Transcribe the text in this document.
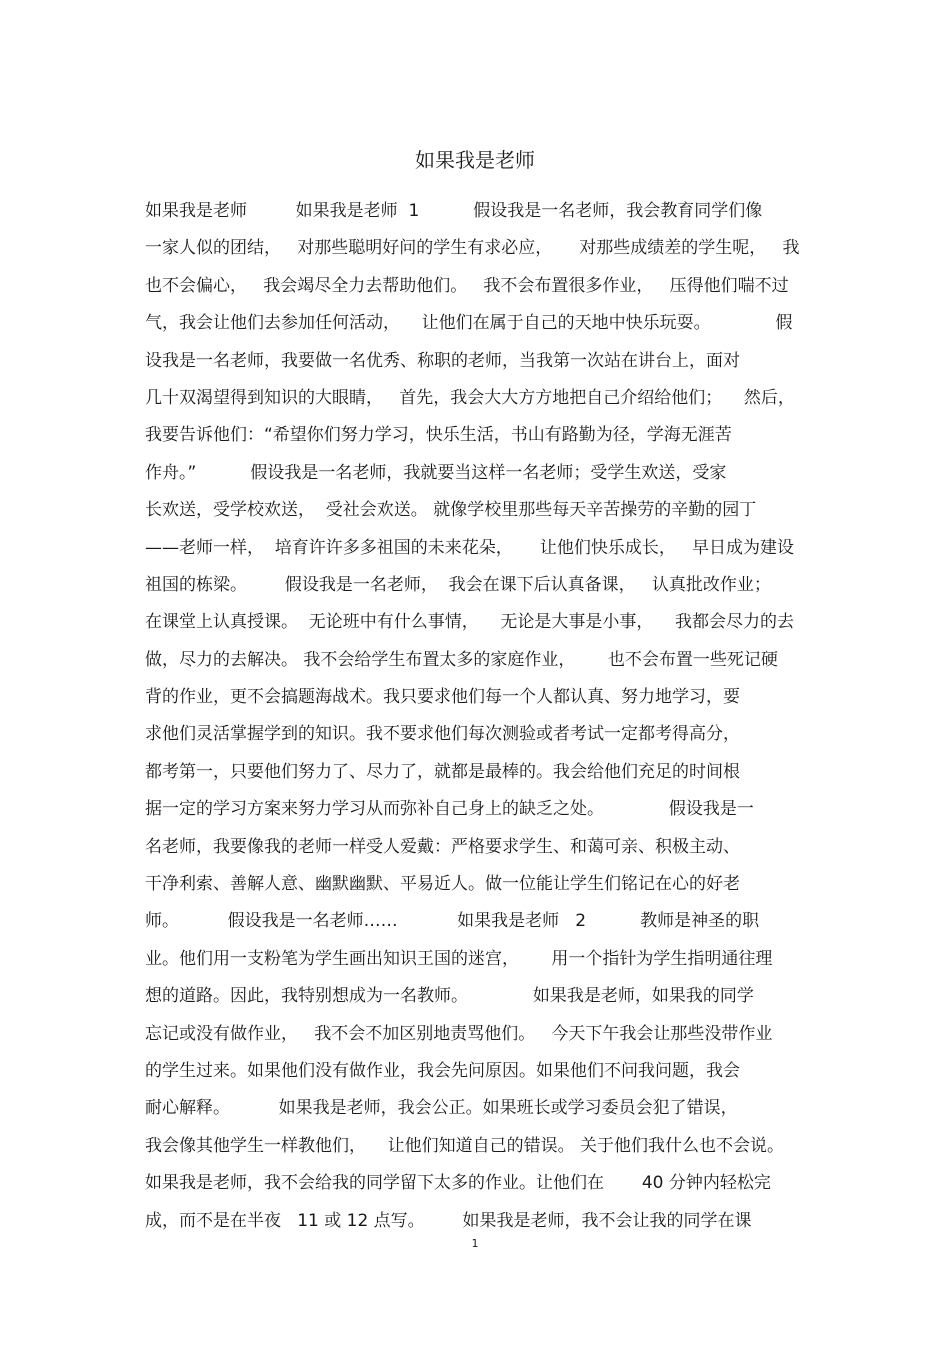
如果我是老师
如果我是老师         如果我是老师  1          假设我是一名老师，我会教育同学们像
一家人似的团结，   对那些聪明好问的学生有求必应，     对那些成绩差的学生呢，   我
也不会偏心，   我会竭尽全力去帮助他们。   我不会布置很多作业，   压得他们喘不过
气，我会让他们去参加任何活动，    让他们在属于自己的天地中快乐玩耍。            假
设我是一名老师，我要做一名优秀、称职的老师，当我第一次站在讲台上，面对
几十双渴望得到知识的大眼睛，   首先，我会大大方方地把自己介绍给他们；    然后，
我要告诉他们：“希望你们努力学习，快乐生活，书山有路勤为径，学海无涯苦
作舟。”          假设我是一名老师，我就要当这样一名老师；受学生欢送，受家
长欢送，受学校欢送，  受社会欢送。 就像学校里那些每天辛苦操劳的辛勤的园丁
——老师一样，  培育许许多多祖国的未来花朵，     让他们快乐成长，   早日成为建设
祖国的栋梁。       假设我是一名老师，  我会在课下后认真备课，   认真批改作业；
在课堂上认真授课。  无论班中有什么事情，    无论是大事是小事，    我都会尽力的去
做，尽力的去解决。 我不会给学生布置太多的家庭作业，      也不会布置一些死记硬
背的作业，更不会搞题海战术。我只要求他们每一个人都认真、努力地学习，要
求他们灵活掌握学到的知识。我不要求他们每次测验或者考试一定都考得高分，
都考第一，只要他们努力了、尽力了，就都是最棒的。我会给他们充足的时间根
据一定的学习方案来努力学习从而弥补自己身上的缺乏之处。            假设我是一
名老师，我要像我的老师一样受人爱戴：严格要求学生、和蔼可亲、积极主动、
干净利索、善解人意、幽默幽默、平易近人。做一位能让学生们铭记在心的好老
师。         假设我是一名老师……           如果我是老师   2          教师是神圣的职
业。他们用一支粉笔为学生画出知识王国的迷宫，      用一个指针为学生指明通往理
想的道路。因此，我特别想成为一名教师。            如果我是老师，如果我的同学
忘记或没有做作业，   我不会不加区别地责骂他们。   今天下午我会让那些没带作业
的学生过来。如果他们没有做作业，我会先问原因。如果他们不问我问题，我会
耐心解释。         如果我是老师，我会公正。如果班长或学习委员会犯了错误，
我会像其他学生一样教他们，    让他们知道自己的错误。 关于他们我什么也不会说。
如果我是老师，我不会给我的同学留下太多的作业。让他们在       40 分钟内轻松完
成，而不是在半夜   11 或 12 点写。       如果我是老师，我不会让我的同学在课
1
